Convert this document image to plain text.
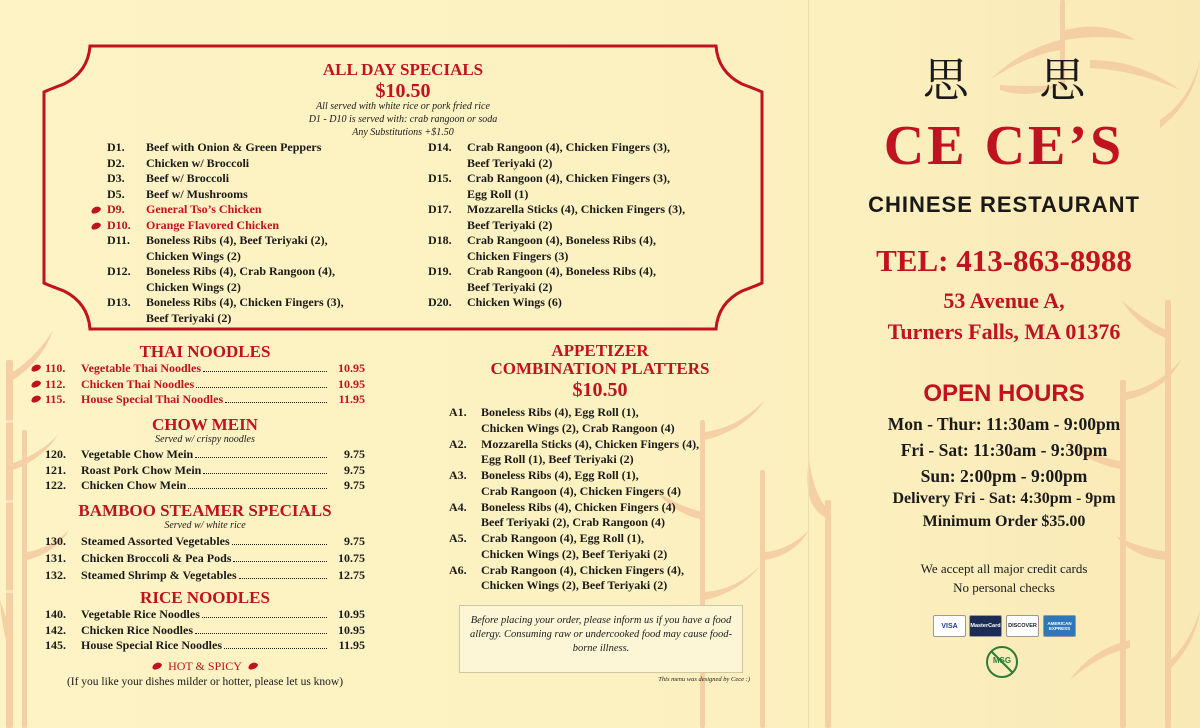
ALL DAY SPECIALS
$10.50
All served with white rice or pork fried rice
D1 - D10 is served with: crab rangoon or soda
Any Substitutions +$1.50
D1. Beef with Onion & Green Peppers
D2. Chicken w/ Broccoli
D3. Beef w/ Broccoli
D5. Beef w/ Mushrooms
D9. General Tso’s Chicken
D10. Orange Flavored Chicken
D11. Boneless Ribs (4), Beef Teriyaki (2),
Chicken Wings (2)
D12. Boneless Ribs (4), Crab Rangoon (4),
Chicken Wings (2)
D13. Boneless Ribs (4), Chicken Fingers (3),
Beef Teriyaki (2)
D14. Crab Rangoon (4), Chicken Fingers (3),
Beef Teriyaki (2)
D15. Crab Rangoon (4), Chicken Fingers (3),
Egg Roll (1)
D17. Mozzarella Sticks (4), Chicken Fingers (3),
Beef Teriyaki (2)
D18. Crab Rangoon (4), Boneless Ribs (4),
Chicken Fingers (3)
D19. Crab Rangoon (4), Boneless Ribs (4),
Beef Teriyaki (2)
D20. Chicken Wings (6)
THAI NOODLES
110. Vegetable Thai Noodles	10.95
112. Chicken Thai Noodles	10.95
115. House Special Thai Noodles	11.95
CHOW MEIN
Served w/ crispy noodles
120. Vegetable Chow Mein	9.75
121. Roast Pork Chow Mein	9.75
122. Chicken Chow Mein	9.75
BAMBOO STEAMER SPECIALS
Served w/ white rice
130. Steamed Assorted Vegetables	9.75
131. Chicken Broccoli & Pea Pods	10.75
132. Steamed Shrimp & Vegetables	12.75
RICE NOODLES
140. Vegetable Rice Noodles	10.95
142. Chicken Rice Noodles	10.95
145. House Special Rice Noodles	11.95
HOT & SPICY
(If you like your dishes milder or hotter, please let us know)
APPETIZER
COMBINATION PLATTERS
$10.50
A1. Boneless Ribs (4), Egg Roll (1),
Chicken Wings (2), Crab Rangoon (4)
A2. Mozzarella Sticks (4), Chicken Fingers (4),
Egg Roll (1), Beef Teriyaki (2)
A3. Boneless Ribs (4), Egg Roll (1),
Crab Rangoon (4), Chicken Fingers (4)
A4. Boneless Ribs (4), Chicken Fingers (4)
Beef Teriyaki (2), Crab Rangoon (4)
A5. Crab Rangoon (4), Egg Roll (1),
Chicken Wings (2), Beef Teriyaki (2)
A6. Crab Rangoon (4), Chicken Fingers (4),
Chicken Wings (2), Beef Teriyaki (2)
Before placing your order, please inform us if you have a food allergy. Consuming raw or undercooked food may cause food-borne illness.
This menu was designed by Cece :)
思 思
CE CE’S
CHINESE RESTAURANT
TEL: 413-863-8988
53 Avenue A,
Turners Falls, MA 01376
OPEN HOURS
Mon - Thur: 11:30am - 9:00pm
Fri - Sat: 11:30am - 9:30pm
Sun: 2:00pm - 9:00pm
Delivery Fri - Sat: 4:30pm - 9pm
Minimum Order $35.00
We accept all major credit cards
No personal checks
VISA	MasterCard	DISCOVER	AMERICAN EXPRESS
MSG
